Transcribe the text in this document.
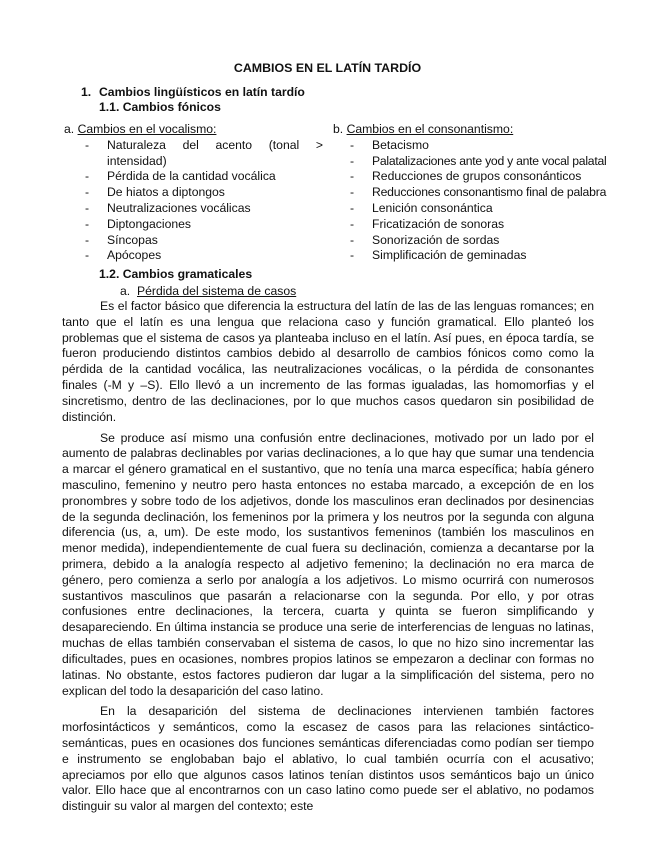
CAMBIOS EN EL LATÍN TARDÍO
1. Cambios lingüísticos en latín tardío
1.1. Cambios fónicos
a. Cambios en el vocalismo:
- Naturaleza del acento (tonal > intensidad)
- Pérdida de la cantidad vocálica
- De hiatos a diptongos
- Neutralizaciones vocálicas
- Diptongaciones
- Síncopas
- Apócopes
b. Cambios en el consonantismo:
- Betacismo
- Palatalizaciones ante yod y ante vocal palatal
- Reducciones de grupos consonánticos
- Reducciones consonantismo final de palabra
- Lenición consonántica
- Fricatización de sonoras
- Sonorización de sordas
- Simplificación de geminadas
1.2. Cambios gramaticales
a. Pérdida del sistema de casos

Es el factor básico que diferencia la estructura del latín de las de las lenguas romances; en tanto que el latín es una lengua que relaciona caso y función gramatical. Ello planteó los problemas que el sistema de casos ya planteaba incluso en el latín. Así pues, en época tardía, se fueron produciendo distintos cambios debido al desarrollo de cambios fónicos como como la pérdida de la cantidad vocálica, las neutralizaciones vocálicas, o la pérdida de consonantes finales (-M y –S). Ello llevó a un incremento de las formas igualadas, las homomorfias y el sincretismo, dentro de las declinaciones, por lo que muchos casos quedaron sin posibilidad de distinción.

Se produce así mismo una confusión entre declinaciones, motivado por un lado por el aumento de palabras declinables por varias declinaciones, a lo que hay que sumar una tendencia a marcar el género gramatical en el sustantivo, que no tenía una marca específica; había género masculino, femenino y neutro pero hasta entonces no estaba marcado, a excepción de en los pronombres y sobre todo de los adjetivos, donde los masculinos eran declinados por desinencias de la segunda declinación, los femeninos por la primera y los neutros por la segunda con alguna diferencia (us, a, um). De este modo, los sustantivos femeninos (también los masculinos en menor medida), independientemente de cual fuera su declinación, comienza a decantarse por la primera, debido a la analogía respecto al adjetivo femenino; la declinación no era marca de género, pero comienza a serlo por analogía a los adjetivos. Lo mismo ocurrirá con numerosos sustantivos masculinos que pasarán a relacionarse con la segunda. Por ello, y por otras confusiones entre declinaciones, la tercera, cuarta y quinta se fueron simplificando y desapareciendo. En última instancia se produce una serie de interferencias de lenguas no latinas, muchas de ellas también conservaban el sistema de casos, lo que no hizo sino incrementar las dificultades, pues en ocasiones, nombres propios latinos se empezaron a declinar con formas no latinas. No obstante, estos factores pudieron dar lugar a la simplificación del sistema, pero no explican del todo la desaparición del caso latino.

En la desaparición del sistema de declinaciones intervienen también factores morfosintácticos y semánticos, como la escasez de casos para las relaciones sintáctico-semánticas, pues en ocasiones dos funciones semánticas diferenciadas como podían ser tiempo e instrumento se englobaban bajo el ablativo, lo cual también ocurría con el acusativo; apreciamos por ello que algunos casos latinos tenían distintos usos semánticos bajo un único valor. Ello hace que al encontrarnos con un caso latino como puede ser el ablativo, no podamos distinguir su valor al margen del contexto; este
